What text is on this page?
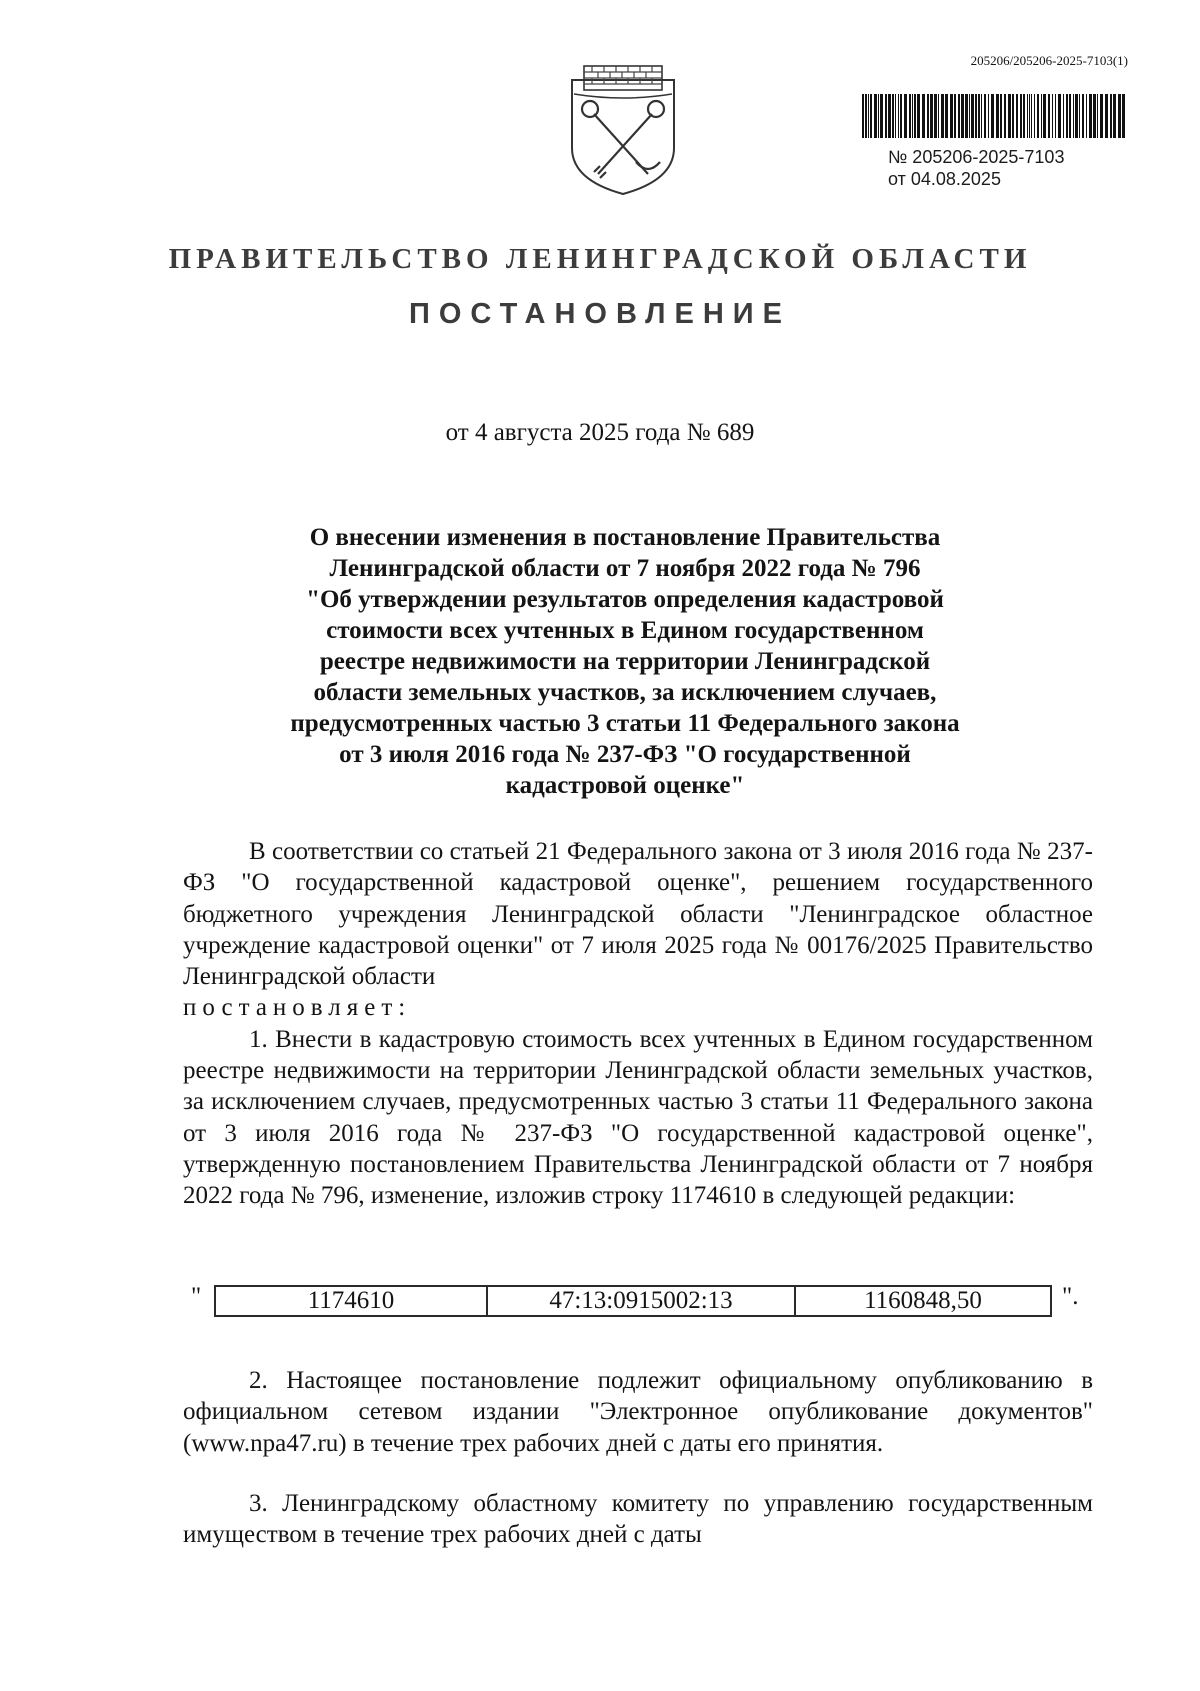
205206/205206-2025-7103(1)
№ 205206-2025-7103
от 04.08.2025
ПРАВИТЕЛЬСТВО ЛЕНИНГРАДСКОЙ ОБЛАСТИ
ПОСТАНОВЛЕНИЕ
от 4 августа 2025 года № 689
О внесении изменения в постановление Правительства
Ленинградской области от 7 ноября 2022 года № 796
"Об утверждении результатов определения кадастровой
стоимости всех учтенных в Едином государственном
реестре недвижимости на территории Ленинградской
области земельных участков, за исключением случаев,
предусмотренных частью 3 статьи 11 Федерального закона
от 3 июля 2016 года № 237-ФЗ "О государственной
кадастровой оценке"
В соответствии со статьей 21 Федерального закона от 3 июля 2016 года № 237-ФЗ "О государственной кадастровой оценке", решением государственного бюджетного учреждения Ленинградской области "Ленинградское областное учреждение кадастровой оценки" от 7 июля 2025 года № 00176/2025 Правительство Ленинградской области
постановляет:
1. Внести в кадастровую стоимость всех учтенных в Едином государственном реестре недвижимости на территории Ленинградской области земельных участков, за исключением случаев, предусмотренных частью 3 статьи 11 Федерального закона от 3 июля 2016 года № 237-ФЗ "О государственной кадастровой оценке", утвержденную постановлением Правительства Ленинградской области от 7 ноября 2022 года № 796, изменение, изложив строку 1174610 в следующей редакции:
"	1174610	47:13:0915002:13	1160848,50	".
2. Настоящее постановление подлежит официальному опубликованию в официальном сетевом издании "Электронное опубликование документов" (www.npa47.ru) в течение трех рабочих дней с даты его принятия.
3. Ленинградскому областному комитету по управлению государственным имуществом в течение трех рабочих дней с даты
